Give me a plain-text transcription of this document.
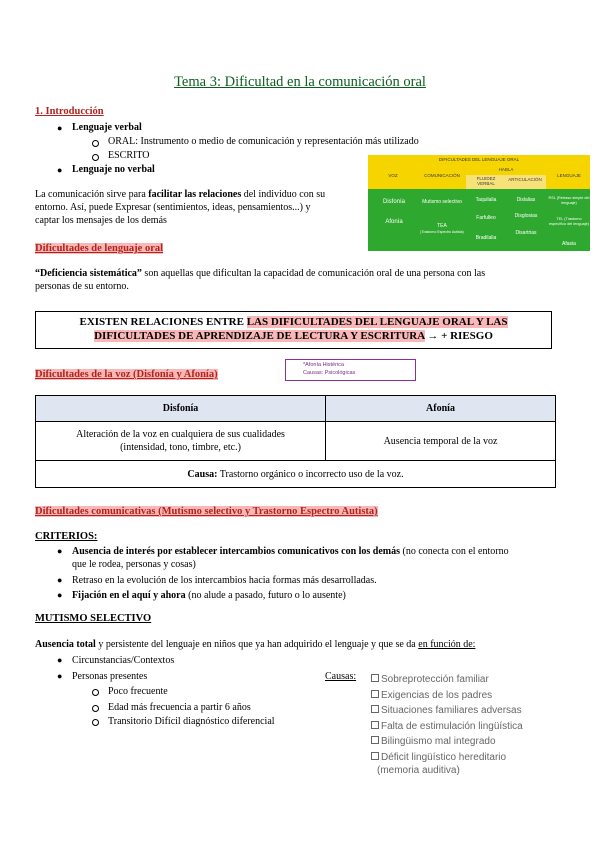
Tema 3: Dificultad en la comunicación oral
1. Introducción
● Lenguaje verbal
ORAL: Instrumento o medio de comunicación y representación más utilizado
ESCRITO
● Lenguaje no verbal
La comunicación sirve para facilitar las relaciones del individuo con su
entorno. Así, puede Expresar (sentimientos, ideas, pensamientos...) y
captar los mensajes de los demás
DIFICULTADES DEL LENGUAJE ORAL
VOZ	COMUNICACIÓN
HABLA
FLUIDEZ VERBAL
ARTICULACIÓN
LENGUAJE
Disfonía
Afonía
Mutismo selectivo
TEA
(Trastorno Espectro Autista)
Taquilalia
Farfulleo
Bradilalia
Dislalias
Disglosias
Disartrias
RSL (Retraso simple del lenguaje)
TEL (Trastorno específico del lenguaje)
Afasia
Dificultades de lenguaje oral
“Deficiencia sistemática” son aquellas que dificultan la capacidad de comunicación oral de una persona con las
personas de su entorno.
EXISTEN RELACIONES ENTRE LAS DIFICULTADES DEL LENGUAJE ORAL Y LAS
DIFICULTADES DE APRENDIZAJE DE LECTURA Y ESCRITURA → + RIESGO
Dificultades de la voz (Disfonía y Afonía)
*Afonía Histérica
Causas: Psicológicas
Disfonía	Afonía

Alteración de la voz en cualquiera de sus cualidades
(intensidad, tono, timbre, etc.)	Ausencia temporal de la voz
Causa: Trastorno orgánico o incorrecto uso de la voz.	
Dificultades comunicativas (Mutismo selectivo y Trastorno Espectro Autista)
CRITERIOS:
● Ausencia de interés por establecer intercambios comunicativos con los demás (no conecta con el entorno
que le rodea, personas y cosas)
● Retraso en la evolución de los intercambios hacia formas más desarrolladas.
● Fijación en el aquí y ahora (no alude a pasado, futuro o lo ausente)
MUTISMO SELECTIVO
Ausencia total y persistente del lenguaje en niños que ya han adquirido el lenguaje y que se da en función de:
● Circunstancias/Contextos
● Personas presentes
Poco frecuente
Edad más frecuencia a partir 6 años
Transitorio Difícil diagnóstico diferencial
Causas:	Sobreprotección familiar
Exigencias de los padres
Situaciones familiares adversas
Falta de estimulación lingüística
Bilingüismo mal integrado
Déficit lingüístico hereditario
(memoria auditiva)
